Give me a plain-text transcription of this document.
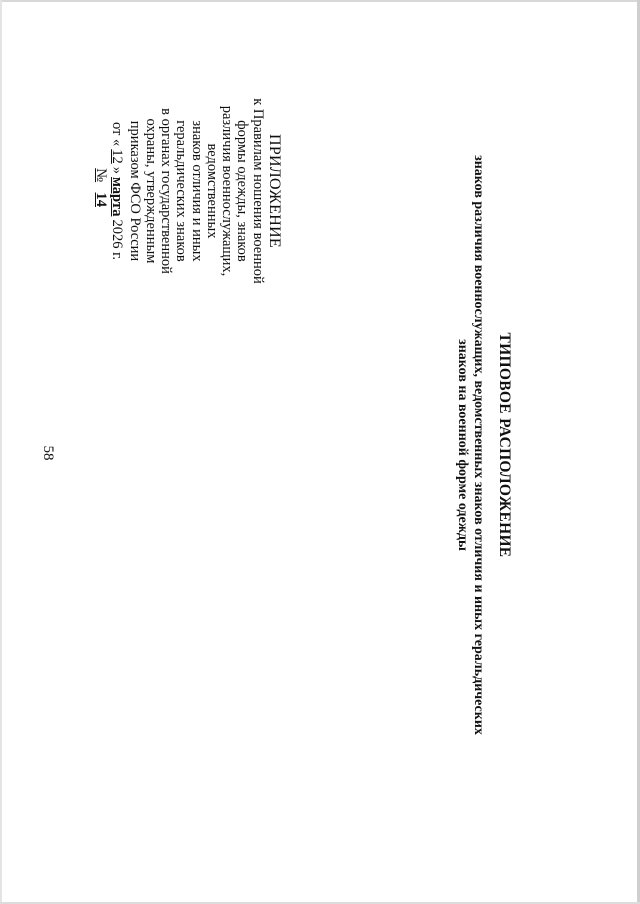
58
ПРИЛОЖЕНИЕ
к Правилам ношения военной
формы одежды, знаков
различия военнослужащих,
ведомственных
знаков отличия и иных
геральдических знаков
в органах государственной
охраны, утвержденным
приказом ФСО России
от «
12
»
марта
2026 г.
№ 14
ТИПОВОЕ РАСПОЛОЖЕНИЕ
знаков различия военнослужащих, ведомственных знаков отличия и иных геральдических
знаков на военной форме одежды
